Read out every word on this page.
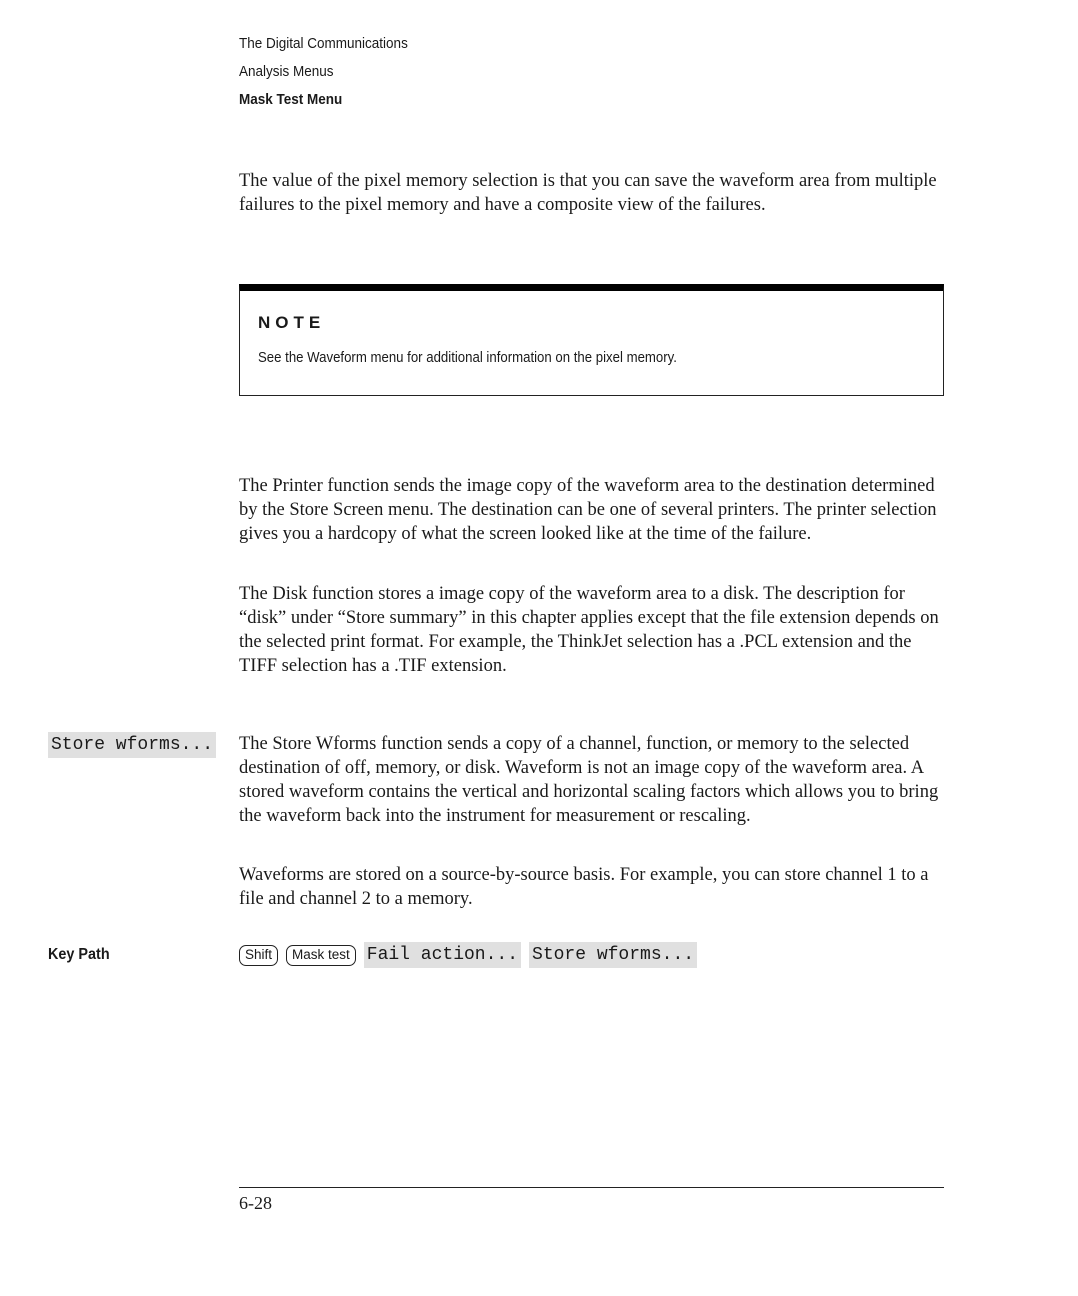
The Digital Communications
Analysis Menus
Mask Test Menu

The value of the pixel memory selection is that you can save the waveform area from multiple failures to the pixel memory and have a composite view of the failures.

NOTE
See the Waveform menu for additional information on the pixel memory.

The Printer function sends the image copy of the waveform area to the destination determined by the Store Screen menu. The destination can be one of several printers. The printer selection gives you a hardcopy of what the screen looked like at the time of the failure.

The Disk function stores a image copy of the waveform area to a disk. The description for “disk” under “Store summary” in this chapter applies except that the file extension depends on the selected print format. For example, the ThinkJet selection has a .PCL extension and the TIFF selection has a .TIF extension.

Store wforms... The Store Wforms function sends a copy of a channel, function, or memory to the selected destination of off, memory, or disk. Waveform is not an image copy of the waveform area. A stored waveform contains the vertical and horizontal scaling factors which allows you to bring the waveform back into the instrument for measurement or rescaling.

Waveforms are stored on a source-by-source basis. For example, you can store channel 1 to a file and channel 2 to a memory.

Key Path	Shift	Mask test Fail action... Store wforms...
6-28
